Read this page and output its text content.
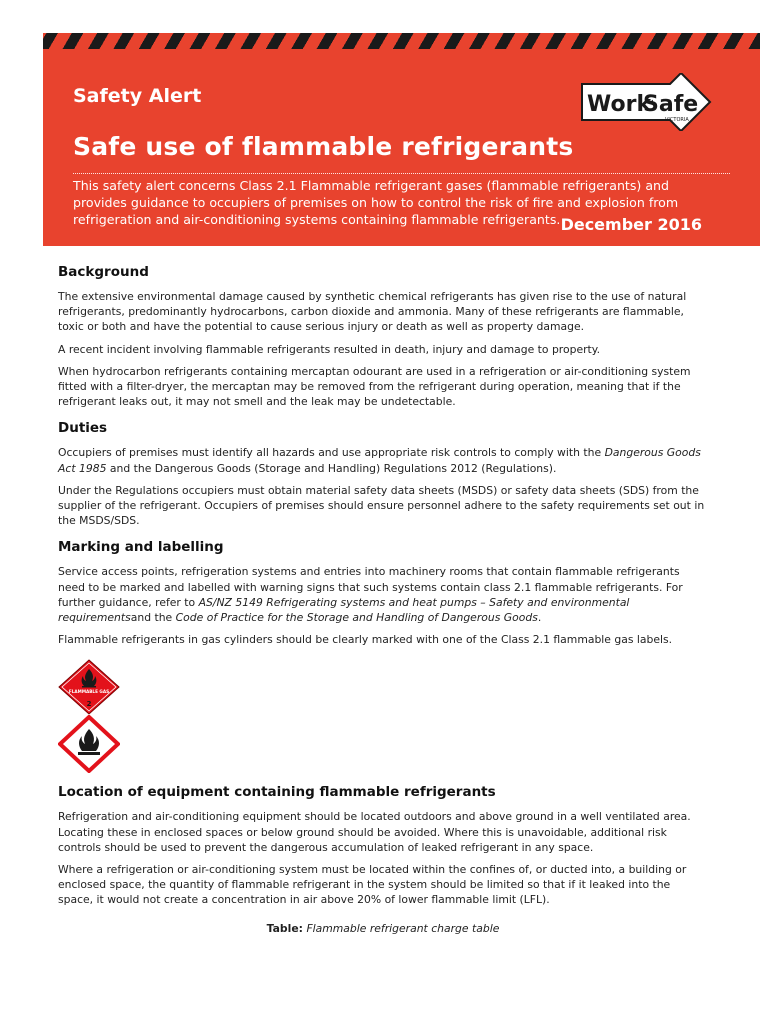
Safety Alert	Work
Safe
VICTORIA
Safe use of flammable refrigerants
This safety alert concerns Class 2.1 Flammable refrigerant gases (flammable refrigerants) and provides guidance to occupiers of premises on how to control the risk of fire and explosion from refrigeration and air-conditioning systems containing flammable refrigerants. December 2016
Background

The extensive environmental damage caused by synthetic chemical refrigerants has given rise to the use of natural refrigerants, predominantly hydrocarbons, carbon dioxide and ammonia. Many of these refrigerants are flammable, toxic or both and have the potential to cause serious injury or death as well as property damage.

A recent incident involving flammable refrigerants resulted in death, injury and damage to property.

When hydrocarbon refrigerants containing mercaptan odourant are used in a refrigeration or air-conditioning system fitted with a filter-dryer, the mercaptan may be removed from the refrigerant during operation, meaning that if the refrigerant leaks out, it may not smell and the leak may be undetectable.

Duties

Occupiers of premises must identify all hazards and use appropriate risk controls to comply with the Dangerous Goods Act 1985 and the Dangerous Goods (Storage and Handling) Regulations 2012 (Regulations).

Under the Regulations occupiers must obtain material safety data sheets (MSDS) or safety data sheets (SDS) from the supplier of the refrigerant. Occupiers of premises should ensure personnel adhere to the safety requirements set out in the MSDS/SDS.

Marking and labelling

Service access points, refrigeration systems and entries into machinery rooms that contain flammable refrigerants need to be marked and labelled with warning signs that such systems contain class 2.1 flammable refrigerants. For further guidance, refer to AS/NZ 5149 Refrigerating systems and heat pumps – Safety and environmental requirementsand the Code of Practice for the Storage and Handling of Dangerous Goods.

Flammable refrigerants in gas cylinders should be clearly marked with one of the Class 2.1 flammable gas labels.

FLAMMABLE GAS
2
Location of equipment containing flammable refrigerants

Refrigeration and air-conditioning equipment should be located outdoors and above ground in a well ventilated area. Locating these in enclosed spaces or below ground should be avoided. Where this is unavoidable, additional risk controls should be used to prevent the dangerous accumulation of leaked refrigerant in any space.

Where a refrigeration or air-conditioning system must be located within the confines of, or ducted into, a building or enclosed space, the quantity of flammable refrigerant in the system should be limited so that if it leaked into the space, it would not create a concentration in air above 20% of lower flammable limit (LFL).

Table: Flammable refrigerant charge table
